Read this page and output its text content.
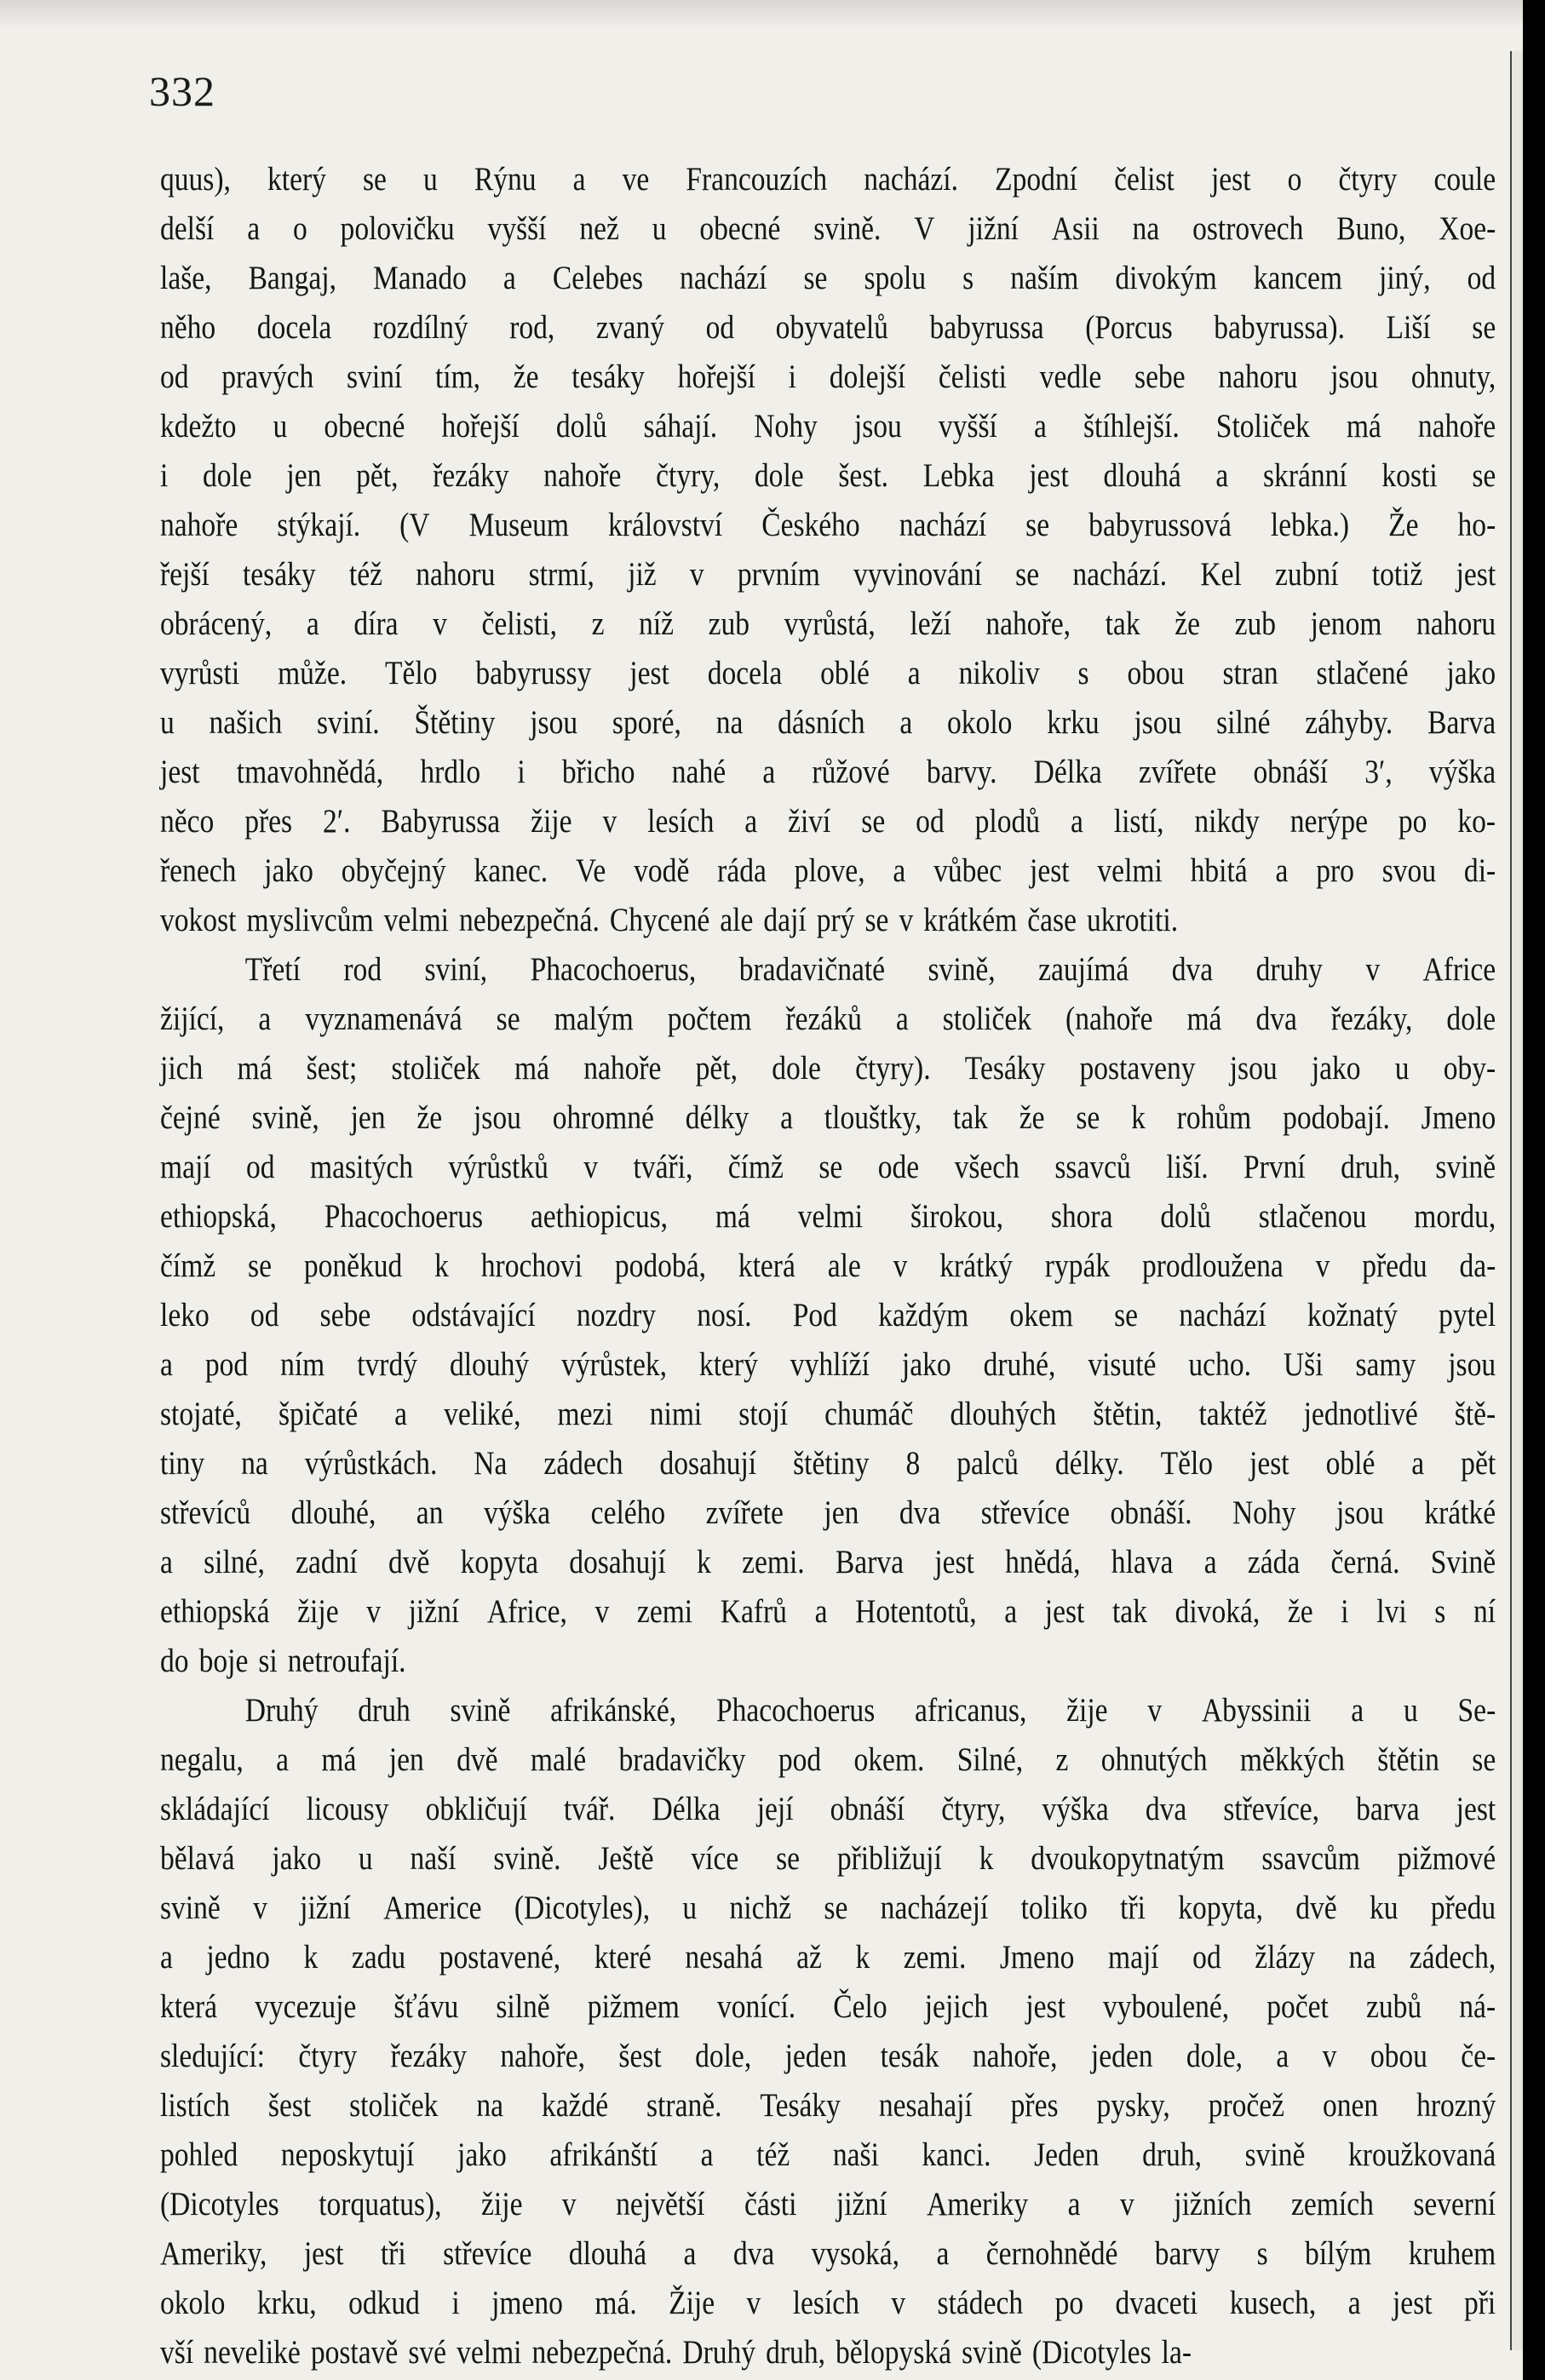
332
quus), který se u Rýnu a ve Francouzích nachází. Zpodní čelist jest o čtyry coule
delší a o polovičku vyšší než u obecné svině. V jižní Asii na ostrovech Buno, Xoe-
laše, Bangaj, Manado a Celebes nachází se spolu s naším divokým kancem jiný, od
něho docela rozdílný rod, zvaný od obyvatelů babyrussa (Porcus babyrussa). Liší se
od pravých sviní tím, že tesáky hořejší i dolejší čelisti vedle sebe nahoru jsou ohnuty,
kdežto u obecné hořejší dolů sáhají. Nohy jsou vyšší a štíhlejší. Stoliček má nahoře
i dole jen pět, řezáky nahoře čtyry, dole šest. Lebka jest dlouhá a skránní kosti se
nahoře stýkají. (V Museum království Českého nachází se babyrussová lebka.) Že ho-
řejší tesáky též nahoru strmí, již v prvním vyvinování se nachází. Kel zubní totiž jest
obrácený, a díra v čelisti, z níž zub vyrůstá, leží nahoře, tak že zub jenom nahoru
vyrůsti může. Tělo babyrussy jest docela oblé a nikoliv s obou stran stlačené jako
u našich sviní. Štětiny jsou sporé, na dásních a okolo krku jsou silné záhyby. Barva
jest tmavohnědá, hrdlo i břicho nahé a růžové barvy. Délka zvířete obnáší 3′, výška
něco přes 2′. Babyrussa žije v lesích a živí se od plodů a listí, nikdy nerýpe po ko-
řenech jako obyčejný kanec. Ve vodě ráda plove, a vůbec jest velmi hbitá a pro svou di-
vokost myslivcům velmi nebezpečná. Chycené ale dají prý se v krátkém čase ukrotiti.
Třetí rod sviní, Phacochoerus, bradavičnaté svině, zaujímá dva druhy v Africe
žijící, a vyznamenává se malým počtem řezáků a stoliček (nahoře má dva řezáky, dole
jich má šest; stoliček má nahoře pět, dole čtyry). Tesáky postaveny jsou jako u oby-
čejné svině, jen že jsou ohromné délky a tlouštky, tak že se k rohům podobají. Jmeno
mají od masitých výrůstků v tváři, čímž se ode všech ssavců liší. První druh, svině
ethiopská, Phacochoerus aethiopicus, má velmi širokou, shora dolů stlačenou mordu,
čímž se poněkud k hrochovi podobá, která ale v krátký rypák prodloužena v předu da-
leko od sebe odstávající nozdry nosí. Pod každým okem se nachází kožnatý pytel
a pod ním tvrdý dlouhý výrůstek, který vyhlíží jako druhé, visuté ucho. Uši samy jsou
stojaté, špičaté a veliké, mezi nimi stojí chumáč dlouhých štětin, taktéž jednotlivé ště-
tiny na výrůstkách. Na zádech dosahují štětiny 8 palců délky. Tělo jest oblé a pět
střevíců dlouhé, an výška celého zvířete jen dva střevíce obnáší. Nohy jsou krátké
a silné, zadní dvě kopyta dosahují k zemi. Barva jest hnědá, hlava a záda černá. Svině
ethiopská žije v jižní Africe, v zemi Kafrů a Hotentotů, a jest tak divoká, že i lvi s ní
do boje si netroufají.
Druhý druh svině afrikánské, Phacochoerus africanus, žije v Abyssinii a u Se-
negalu, a má jen dvě malé bradavičky pod okem. Silné, z ohnutých měkkých štětin se
skládající licousy obkličují tvář. Délka její obnáší čtyry, výška dva střevíce, barva jest
bělavá jako u naší svině. Ještě více se přibližují k dvoukopytnatým ssavcům pižmové
svině v jižní Americe (Dicotyles), u nichž se nacházejí toliko tři kopyta, dvě ku předu
a jedno k zadu postavené, které nesahá až k zemi. Jmeno mají od žlázy na zádech,
která vycezuje šťávu silně pižmem vonící. Čelo jejich jest vyboulené, počet zubů ná-
sledující: čtyry řezáky nahoře, šest dole, jeden tesák nahoře, jeden dole, a v obou če-
listích šest stoliček na každé straně. Tesáky nesahají přes pysky, pročež onen hrozný
pohled neposkytují jako afrikánští a též naši kanci. Jeden druh, svině kroužkovaná
(Dicotyles torquatus), žije v největší části jižní Ameriky a v jižních zemích severní
Ameriky, jest tři střevíce dlouhá a dva vysoká, a černohnědé barvy s bílým kruhem
okolo krku, odkud i jmeno má. Žije v lesích v stádech po dvaceti kusech, a jest při
vší nevelikė postavě své velmi nebezpečná. Druhý druh, bělopyská svině (Dicotyles la-
